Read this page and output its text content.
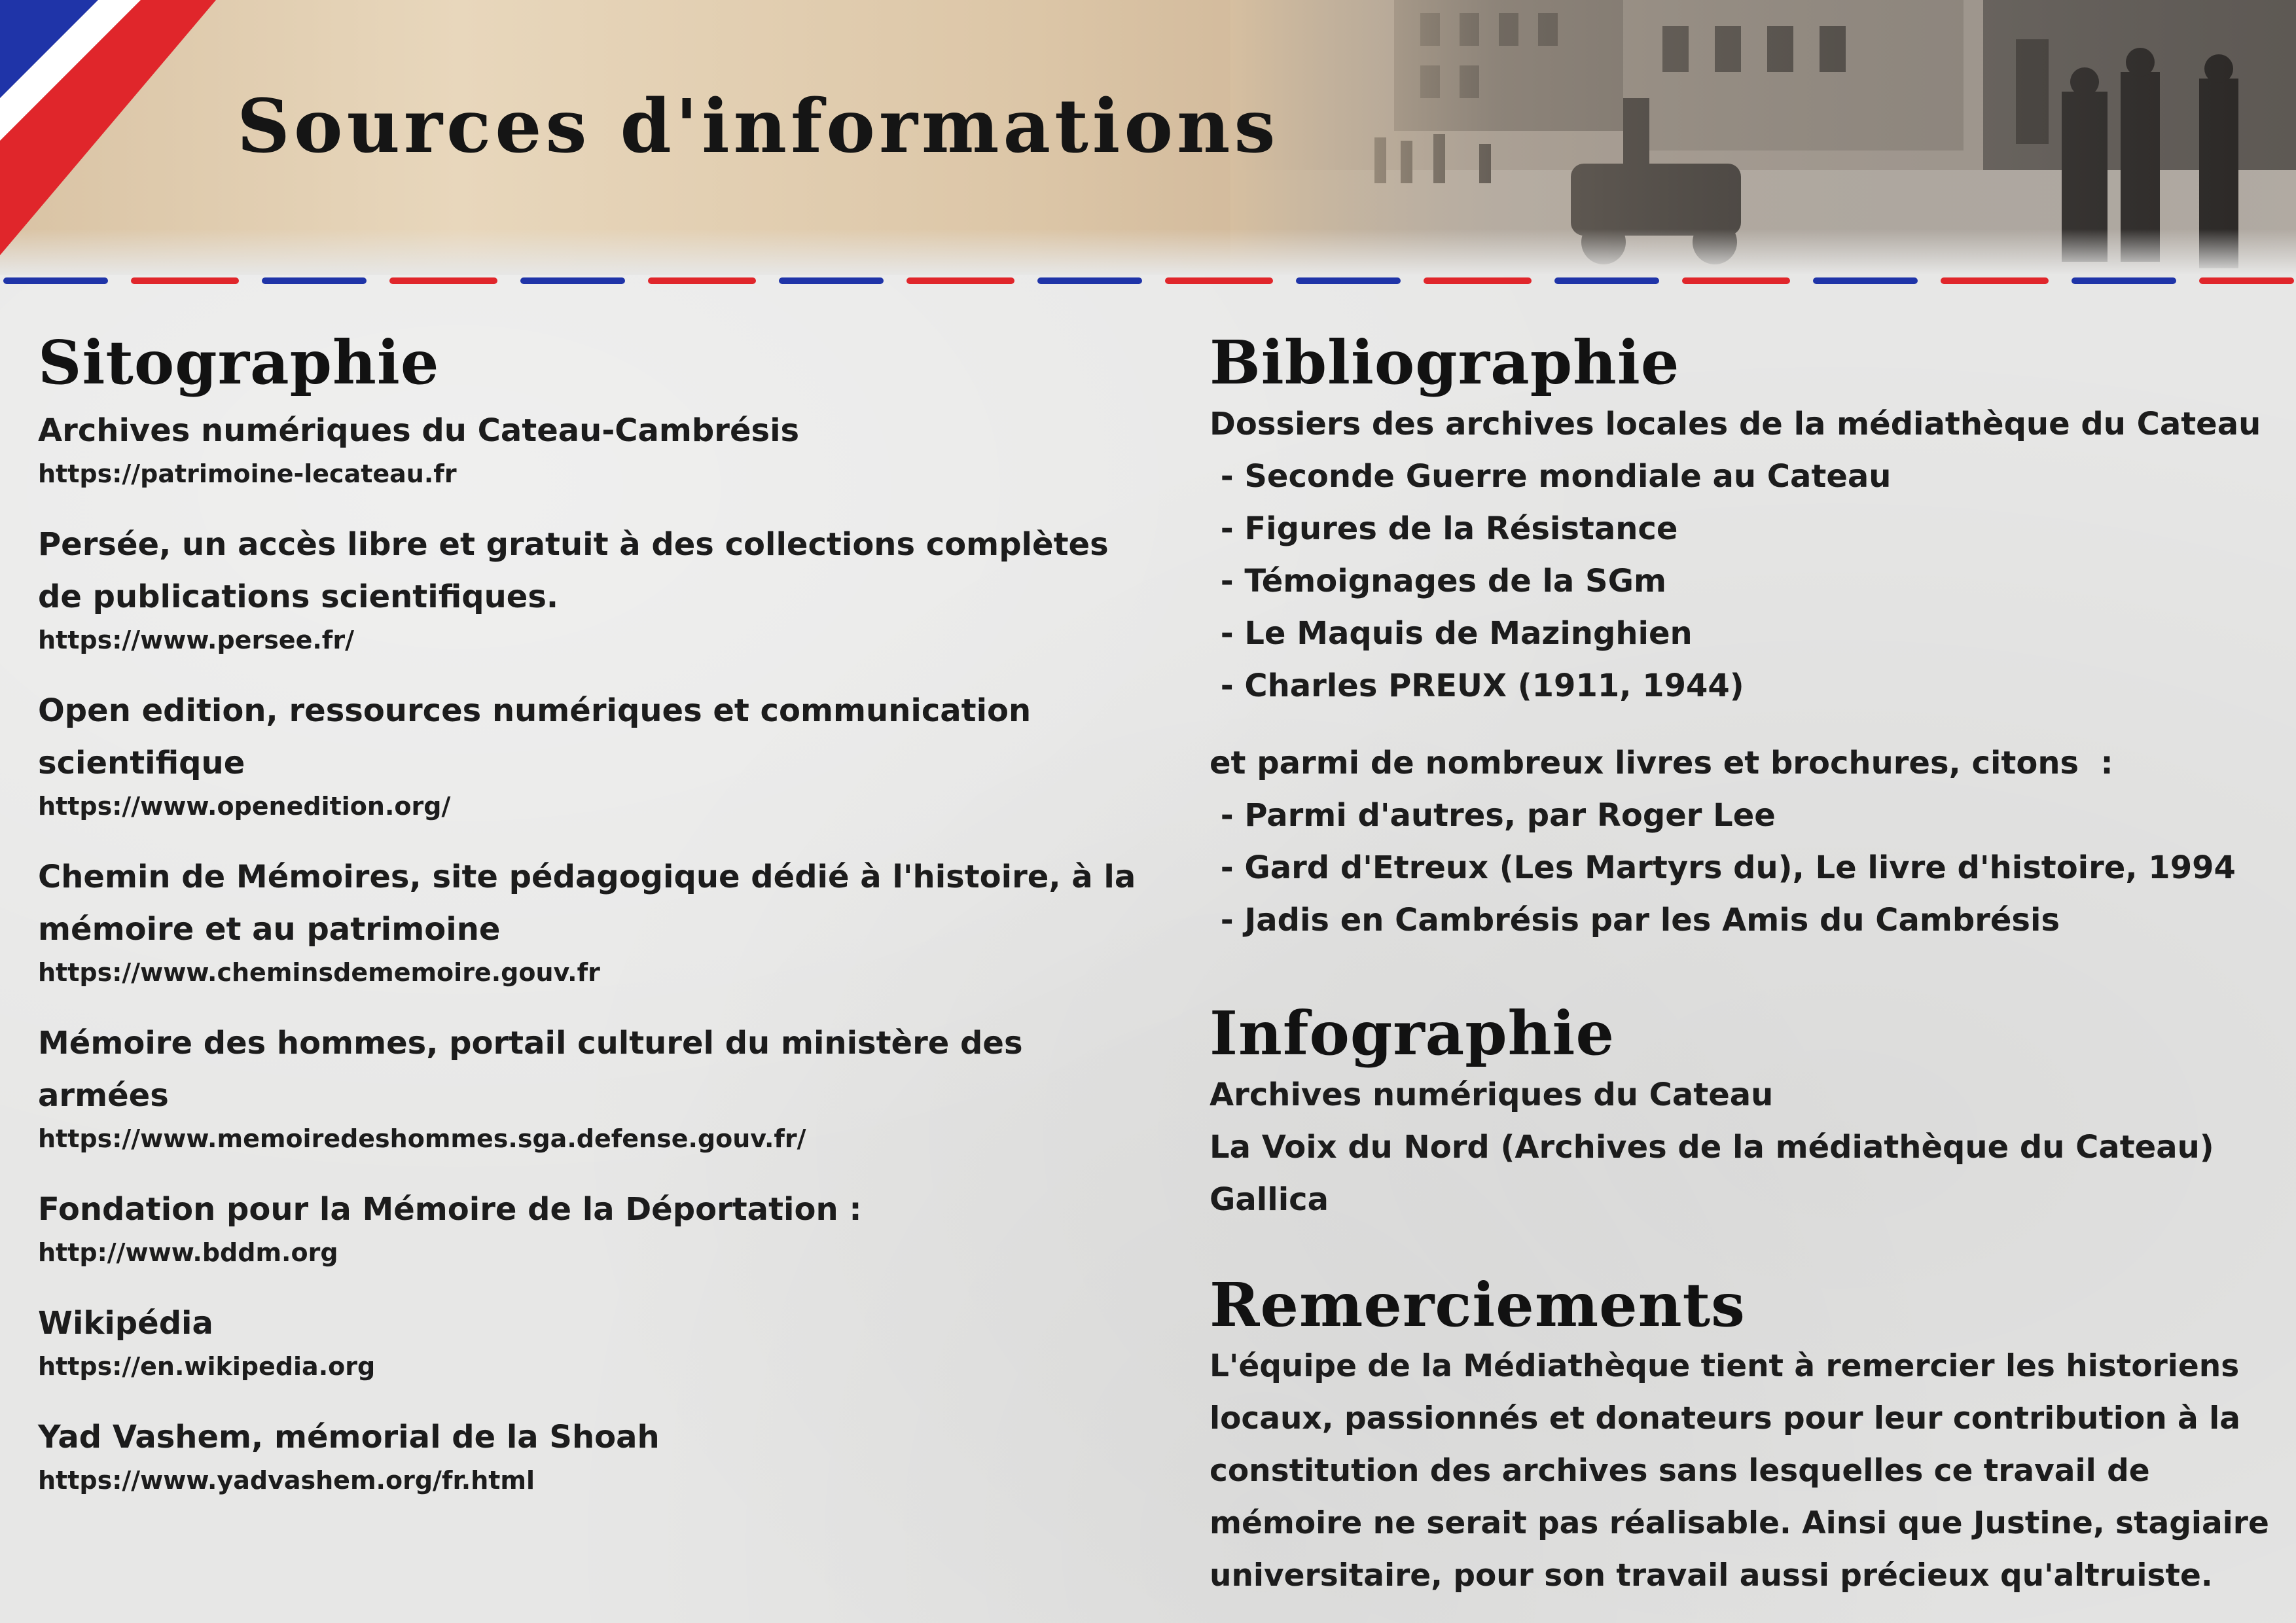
Sources d'informations
Sitographie
Archives numériques du Cateau-Cambrésis
https://patrimoine-lecateau.fr
Persée, un accès libre et gratuit à des collections complètes de publications scientifiques.
https://www.persee.fr/
Open edition, ressources numériques et communication scientifique
https://www.openedition.org/
Chemin de Mémoires, site pédagogique dédié à l'histoire, à la mémoire et au patrimoine
https://www.cheminsdememoire.gouv.fr
Mémoire des hommes, portail culturel du ministère des armées
https://www.memoiredeshommes.sga.defense.gouv.fr/
Fondation pour la Mémoire de la Déportation :
http://www.bddm.org
Wikipédia
https://en.wikipedia.org
Yad Vashem, mémorial de la Shoah
https://www.yadvashem.org/fr.html
Bibliographie
Dossiers des archives locales de la médiathèque du Cateau
- Seconde Guerre mondiale au Cateau
- Figures de la Résistance
- Témoignages de la SGm
- Le Maquis de Mazinghien
- Charles PREUX (1911, 1944)
et parmi de nombreux livres et brochures, citons  :
- Parmi d'autres, par Roger Lee
- Gard d'Etreux (Les Martyrs du), Le livre d'histoire, 1994
- Jadis en Cambrésis par les Amis du Cambrésis
Infographie
Archives numériques du Cateau
La Voix du Nord (Archives de la médiathèque du Cateau)
Gallica
Remerciements
L'équipe de la Médiathèque tient à remercier les historiens locaux, passionnés et donateurs pour leur contribution à la constitution des archives sans lesquelles ce travail de mémoire ne serait pas réalisable. Ainsi que Justine, stagiaire universitaire, pour son travail aussi précieux qu'altruiste.
